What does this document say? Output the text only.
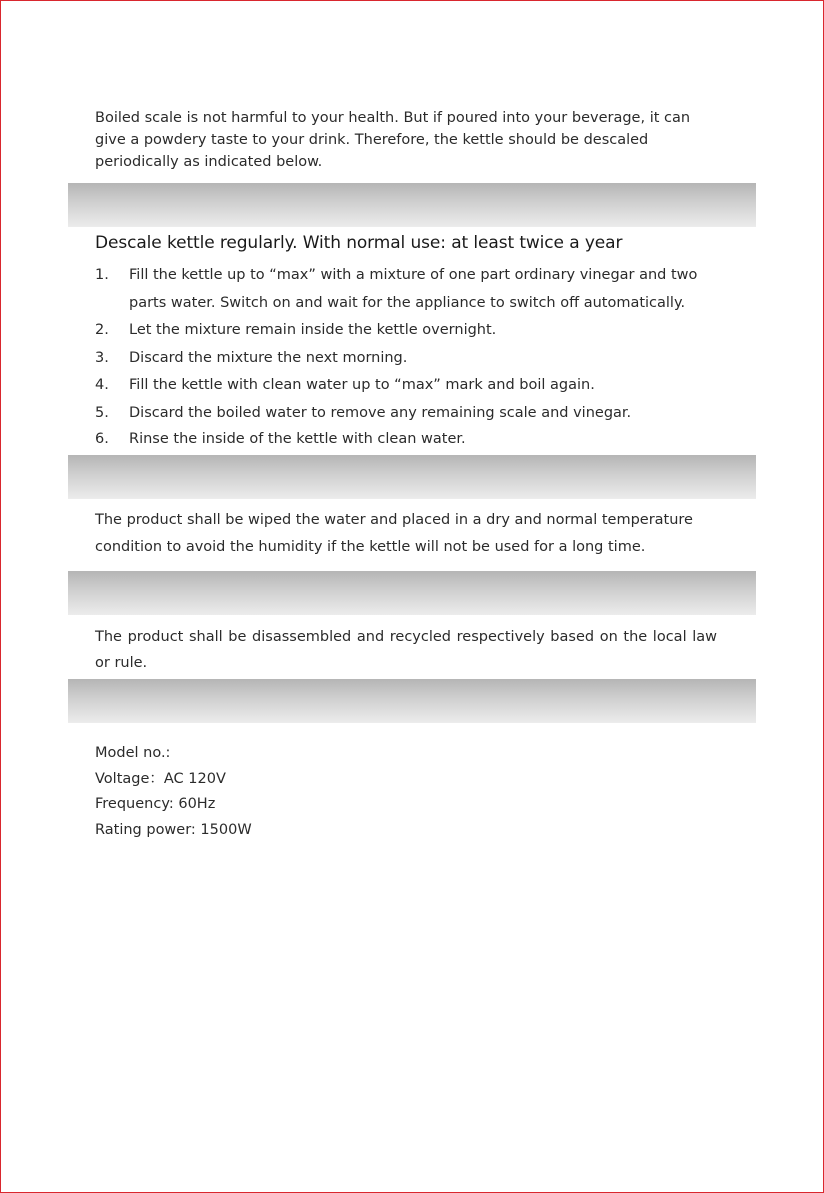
Boiled scale is not harmful to your health. But if poured into your beverage, it can give a powdery taste to your drink. Therefore, the kettle should be descaled periodically as indicated below.

Descale kettle regularly. With normal use: at least twice a year
1. Fill the kettle up to “max” with a mixture of one part ordinary vinegar and two parts water. Switch on and wait for the appliance to switch off automatically.
2. Let the mixture remain inside the kettle overnight.
3. Discard the mixture the next morning.
4. Fill the kettle with clean water up to “max” mark and boil again.
5. Discard the boiled water to remove any remaining scale and vinegar.
6. Rinse the inside of the kettle with clean water.

The product shall be wiped the water and placed in a dry and normal temperature condition to avoid the humidity if the kettle will not be used for a long time.

The product shall be disassembled and recycled respectively based on the local law or rule.

Model no.:
Voltage：AC 120V
Frequency: 60Hz
Rating power: 1500W
